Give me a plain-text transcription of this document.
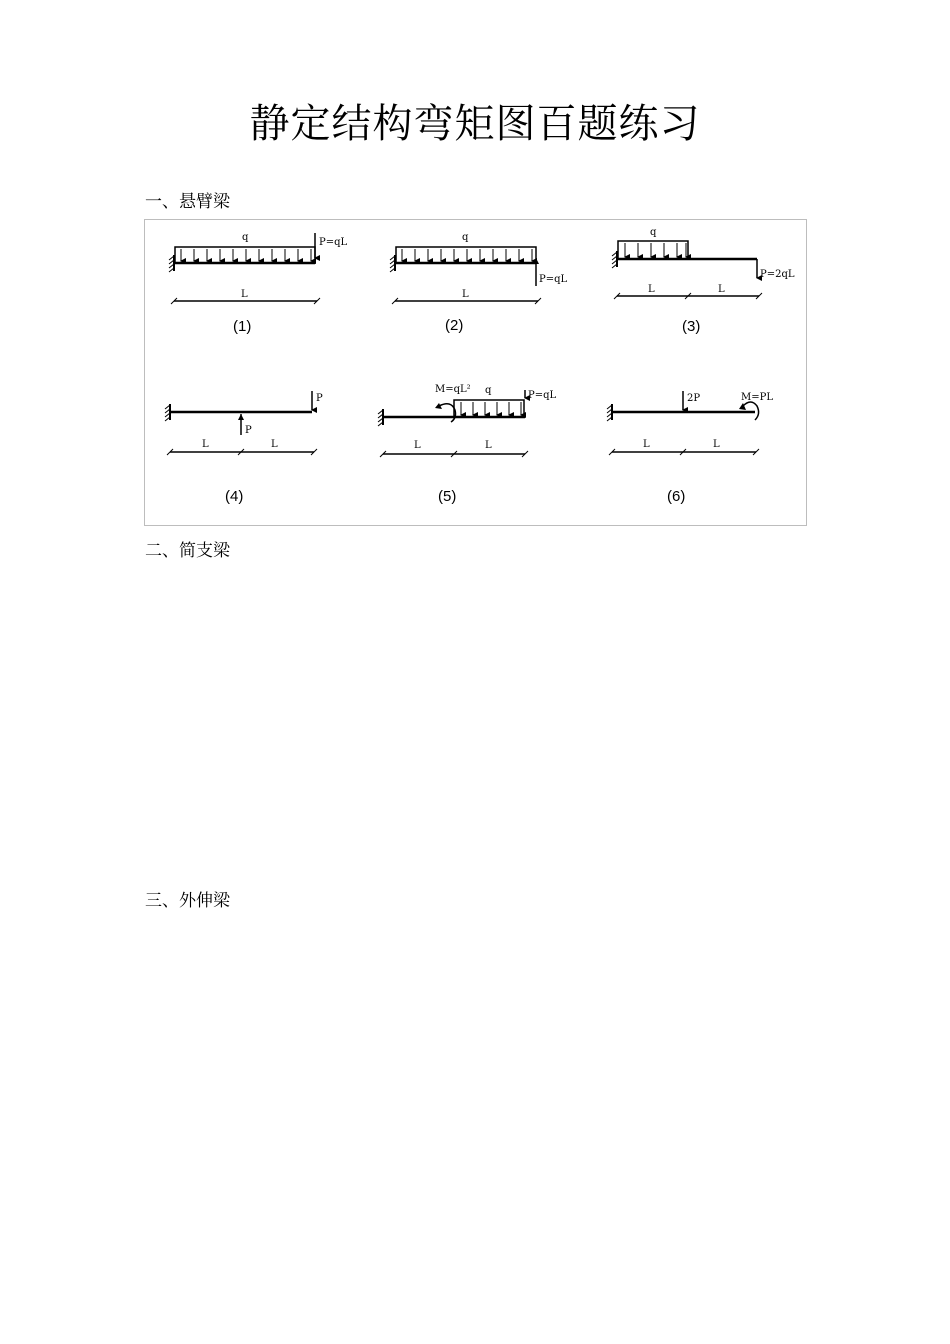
静定结构弯矩图百题练习
一、悬臂梁
q	P=qL
L
(1)
q
P=qL
L
(2)
q
P=2qL
L	L
(3)
P
P
L	L
(4)
M=qL² q	P=qL
L	L
(5)
2P	M=PL
L	L
(6)
二、简支梁
三、外伸梁
